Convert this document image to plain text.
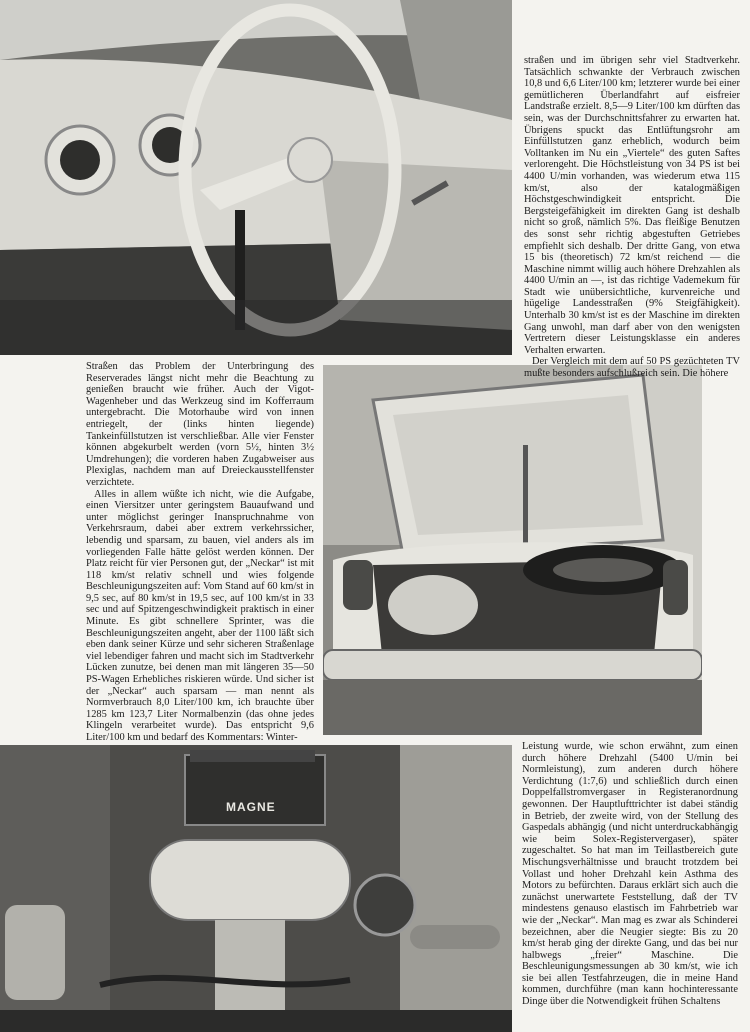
MAGNE

straßen und im übrigen sehr viel Stadtverkehr. Tatsächlich schwankte der Verbrauch zwischen 10,8 und 6,6 Liter/100 km; letzterer wurde bei einer gemütlicheren Überlandfahrt auf eisfreier Landstraße erzielt. 8,5—9 Liter/100 km dürften das sein, was der Durchschnittsfahrer zu erwarten hat. Übrigens spuckt das Entlüftungsrohr am Einfüllstutzen ganz erheblich, wodurch beim Volltanken im Nu ein „Viertele“ des guten Saftes verlorengeht. Die Höchstleistung von 34 PS ist bei 4400 U/min vorhanden, was wiederum etwa 115 km/st, also der katalogmäßigen Höchstgeschwindigkeit entspricht. Die Bergsteigefähigkeit im direkten Gang ist deshalb nicht so groß, nämlich 5%. Das fleißige Benutzen des sonst sehr richtig abgestuften Getriebes empfiehlt sich deshalb. Der dritte Gang, von etwa 15 bis (theoretisch) 72 km/st reichend — die Maschine nimmt willig auch höhere Drehzahlen als 4400 U/min an —, ist das richtige Vademekum für Stadt wie unübersichtliche, kurvenreiche und hügelige Landesstraßen (9% Steigfähigkeit). Unterhalb 30 km/st ist es der Maschine im direkten Gang unwohl, man darf aber von den wenigsten Vertretern dieser Leistungsklasse ein anderes Verhalten erwarten.

Der Vergleich mit dem auf 50 PS gezüchteten TV mußte besonders aufschlußreich sein. Die höhere

Straßen das Problem der Unterbringung des Reserverades längst nicht mehr die Beachtung zu genießen braucht wie früher. Auch der Vigot-Wagenheber und das Werkzeug sind im Kofferraum untergebracht. Die Motorhaube wird von innen entriegelt, der (links hinten liegende) Tankeinfüllstutzen ist verschließbar. Alle vier Fenster können abgekurbelt werden (vorn 5½, hinten 3½ Umdrehungen); die vorderen haben Zugabweiser aus Plexiglas, nachdem man auf Dreieckausstellfenster verzichtete.

Alles in allem wüßte ich nicht, wie die Aufgabe, einen Viersitzer unter geringstem Bauaufwand und unter möglichst geringer Inanspruchnahme von Verkehrsraum, dabei aber extrem verkehrssicher, lebendig und sparsam, zu bauen, viel anders als im vorliegenden Falle hätte gelöst werden können. Der Platz reicht für vier Personen gut, der „Neckar“ ist mit 118 km/st relativ schnell und wies folgende Beschleunigungszeiten auf: Vom Stand auf 60 km/st in 9,5 sec, auf 80 km/st in 19,5 sec, auf 100 km/st in 33 sec und auf Spitzengeschwindigkeit praktisch in einer Minute. Es gibt schnellere Sprinter, was die Beschleunigungszeiten angeht, aber der 1100 läßt sich eben dank seiner Kürze und sehr sicheren Straßenlage viel lebendiger fahren und macht sich im Stadtverkehr Lücken zunutze, bei denen man mit längeren 35—50 PS-Wagen Erhebliches riskieren würde. Und sicher ist der „Neckar“ auch sparsam — man nennt als Normverbrauch 8,0 Liter/100 km, ich brauchte über 1285 km 123,7 Liter Normalbenzin (das ohne jedes Klingeln verarbeitet wurde). Das entspricht 9,6 Liter/100 km und bedarf des Kommentars: Winter-

Leistung wurde, wie schon erwähnt, zum einen durch höhere Drehzahl (5400 U/min bei Normleistung), zum anderen durch höhere Verdichtung (1:7,6) und schließlich durch einen Doppelfallstromvergaser in Registeranordnung gewonnen. Der Hauptlufttrichter ist dabei ständig in Betrieb, der zweite wird, von der Stellung des Gaspedals abhängig (und nicht unterdruckabhängig wie beim Solex-Registervergaser), später zugeschaltet. So hat man im Teillastbereich gute Mischungsverhältnisse und braucht trotzdem bei Vollast und hoher Drehzahl kein Asthma des Motors zu befürchten. Daraus erklärt sich auch die zunächst unerwartete Feststellung, daß der TV mindestens genauso elastisch im Fahrbetrieb war wie der „Neckar“. Man mag es zwar als Schinderei bezeichnen, aber die Neugier siegte: Bis zu 20 km/st herab ging der direkte Gang, und das bei nur halbwegs „freier“ Maschine. Die Beschleunigungsmessungen ab 30 km/st, wie ich sie bei allen Testfahrzeugen, die in meine Hand kommen, durchführe (man kann hochinteressante Dinge über die Notwendigkeit frühen Schaltens
